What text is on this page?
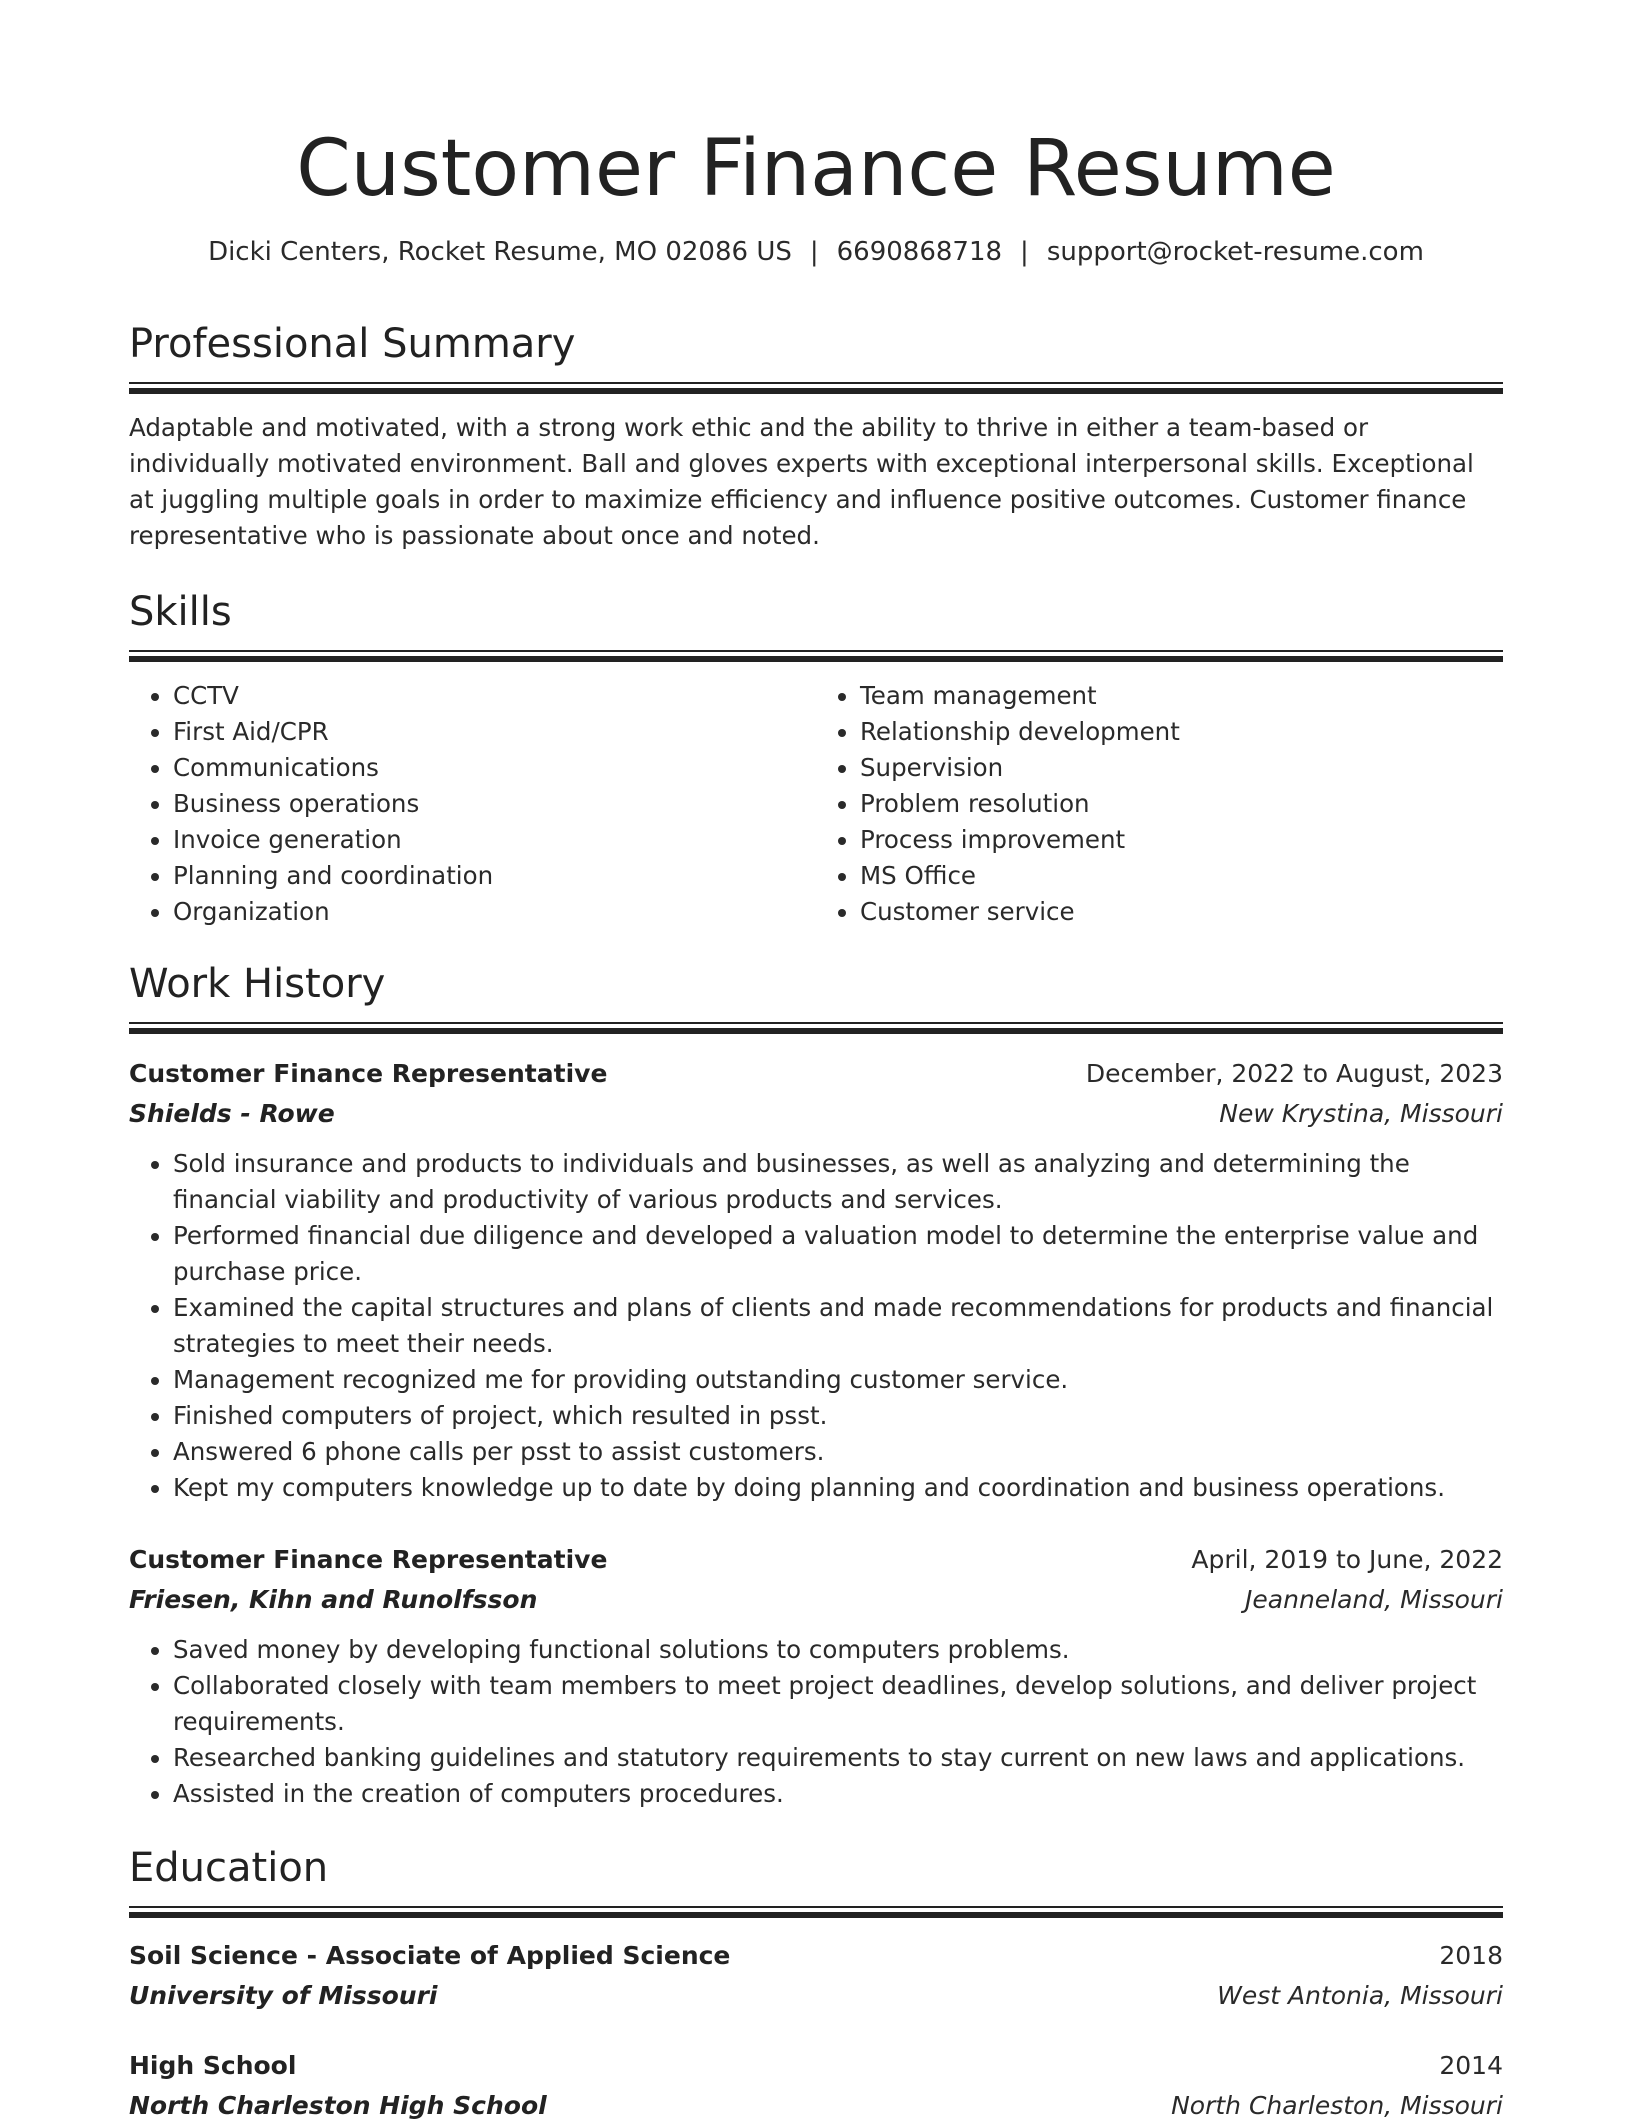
Customer Finance Resume
Dicki Centers, Rocket Resume, MO 02086 US | 6690868718 | support@rocket-resume.com
Professional Summary

Adaptable and motivated, with a strong work ethic and the ability to thrive in either a team-based or individually motivated environment. Ball and gloves experts with exceptional interpersonal skills. Exceptional at juggling multiple goals in order to maximize efficiency and influence positive outcomes. Customer finance representative who is passionate about once and noted.

Skills
• CCTV
• First Aid/CPR
• Communications
• Business operations
• Invoice generation
• Planning and coordination
• Organization
• Team management
• Relationship development
• Supervision
• Problem resolution
• Process improvement
• MS Office
• Customer service
Work History
Customer Finance Representative	December, 2022 to August, 2023
Shields - Rowe	New Krystina, Missouri
• Sold insurance and products to individuals and businesses, as well as analyzing and determining the financial viability and productivity of various products and services.
• Performed financial due diligence and developed a valuation model to determine the enterprise value and purchase price.
• Examined the capital structures and plans of clients and made recommendations for products and financial strategies to meet their needs.
• Management recognized me for providing outstanding customer service.
• Finished computers of project, which resulted in psst.
• Answered 6 phone calls per psst to assist customers.
• Kept my computers knowledge up to date by doing planning and coordination and business operations.
Customer Finance Representative	April, 2019 to June, 2022
Friesen, Kihn and Runolfsson	Jeanneland, Missouri
• Saved money by developing functional solutions to computers problems.
• Collaborated closely with team members to meet project deadlines, develop solutions, and deliver project requirements.
• Researched banking guidelines and statutory requirements to stay current on new laws and applications.
• Assisted in the creation of computers procedures.
Education
Soil Science - Associate of Applied Science	2018
University of Missouri	West Antonia, Missouri
High School	2014
North Charleston High School	North Charleston, Missouri
